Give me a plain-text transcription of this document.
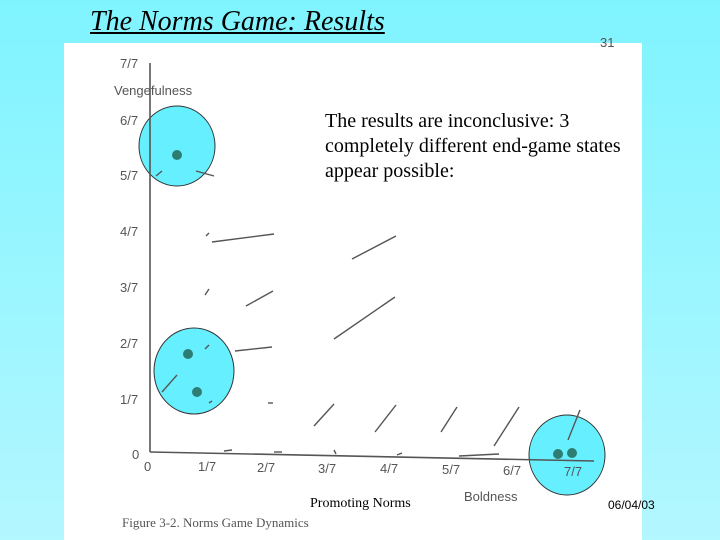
The Norms Game: Results
31
Vengefulness
7/7
6/7
5/7
4/7
3/7
2/7
1/7
0
0	1/7	2/7	3/7	4/7	5/7	6/7	7/7
Boldness
Figure 3-2. Norms Game Dynamics
The results are inconclusive: 3 completely different end-game states appear possible:
Promoting Norms	06/04/03
